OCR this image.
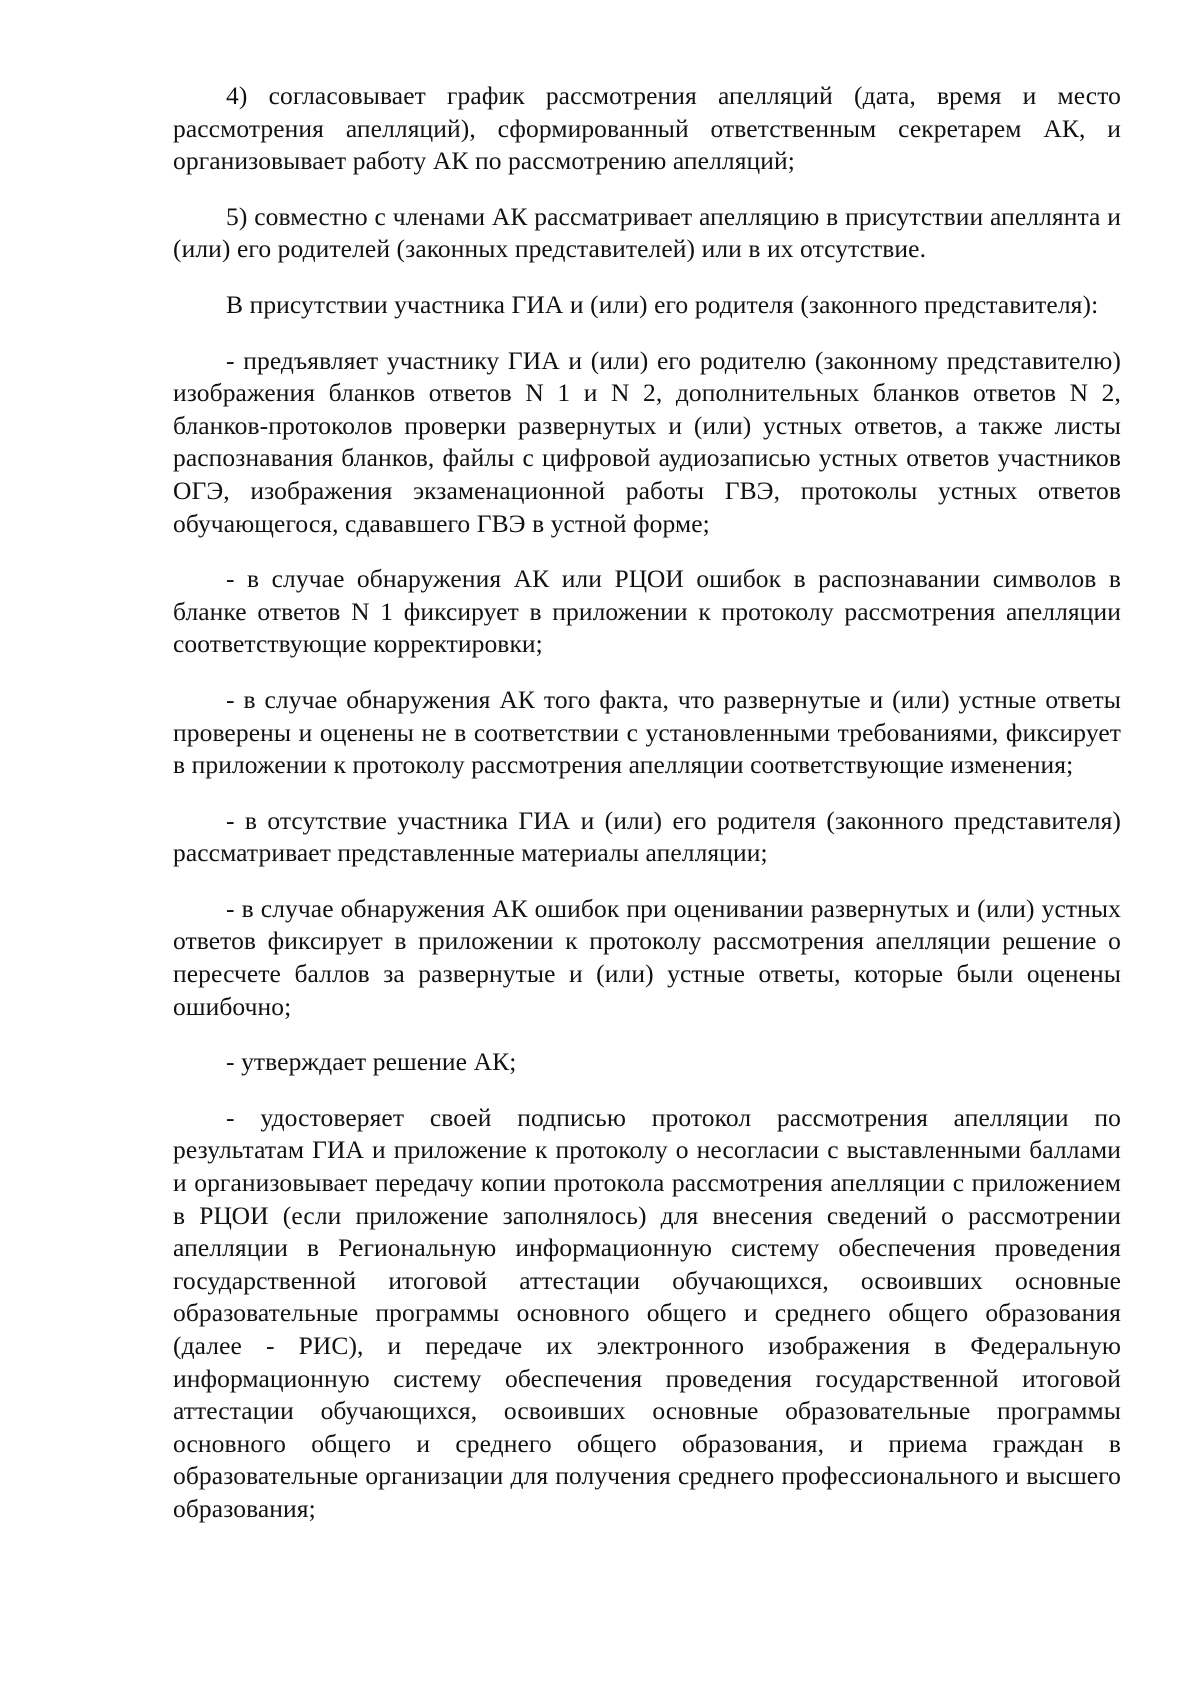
4) согласовывает график рассмотрения апелляций (дата, время и место рассмотрения апелляций), сформированный ответственным секретарем АК, и организовывает работу АК по рассмотрению апелляций;

5) совместно с членами АК рассматривает апелляцию в присутствии апеллянта и (или) его родителей (законных представителей) или в их отсутствие.

В присутствии участника ГИА и (или) его родителя (законного представителя):

- предъявляет участнику ГИА и (или) его родителю (законному представителю) изображения бланков ответов N 1 и N 2, дополнительных бланков ответов N 2, бланков-протоколов проверки развернутых и (или) устных ответов, а также листы распознавания бланков, файлы с цифровой аудиозаписью устных ответов участников ОГЭ, изображения экзаменационной работы ГВЭ, протоколы устных ответов обучающегося, сдававшего ГВЭ в устной форме;

- в случае обнаружения АК или РЦОИ ошибок в распознавании символов в бланке ответов N 1 фиксирует в приложении к протоколу рассмотрения апелляции соответствующие корректировки;

- в случае обнаружения АК того факта, что развернутые и (или) устные ответы проверены и оценены не в соответствии с установленными требованиями, фиксирует в приложении к протоколу рассмотрения апелляции соответствующие изменения;

- в отсутствие участника ГИА и (или) его родителя (законного представителя) рассматривает представленные материалы апелляции;

- в случае обнаружения АК ошибок при оценивании развернутых и (или) устных ответов фиксирует в приложении к протоколу рассмотрения апелляции решение о пересчете баллов за развернутые и (или) устные ответы, которые были оценены ошибочно;

- утверждает решение АК;

- удостоверяет своей подписью протокол рассмотрения апелляции по результатам ГИА и приложение к протоколу о несогласии с выставленными баллами и организовывает передачу копии протокола рассмотрения апелляции с приложением в РЦОИ (если приложение заполнялось) для внесения сведений о рассмотрении апелляции в Региональную информационную систему обеспечения проведения государственной итоговой аттестации обучающихся, освоивших основные образовательные программы основного общего и среднего общего образования (далее - РИС), и передаче их электронного изображения в Федеральную информационную систему обеспечения проведения государственной итоговой аттестации обучающихся, освоивших основные образовательные программы основного общего и среднего общего образования, и приема граждан в образовательные организации для получения среднего профессионального и высшего образования;
